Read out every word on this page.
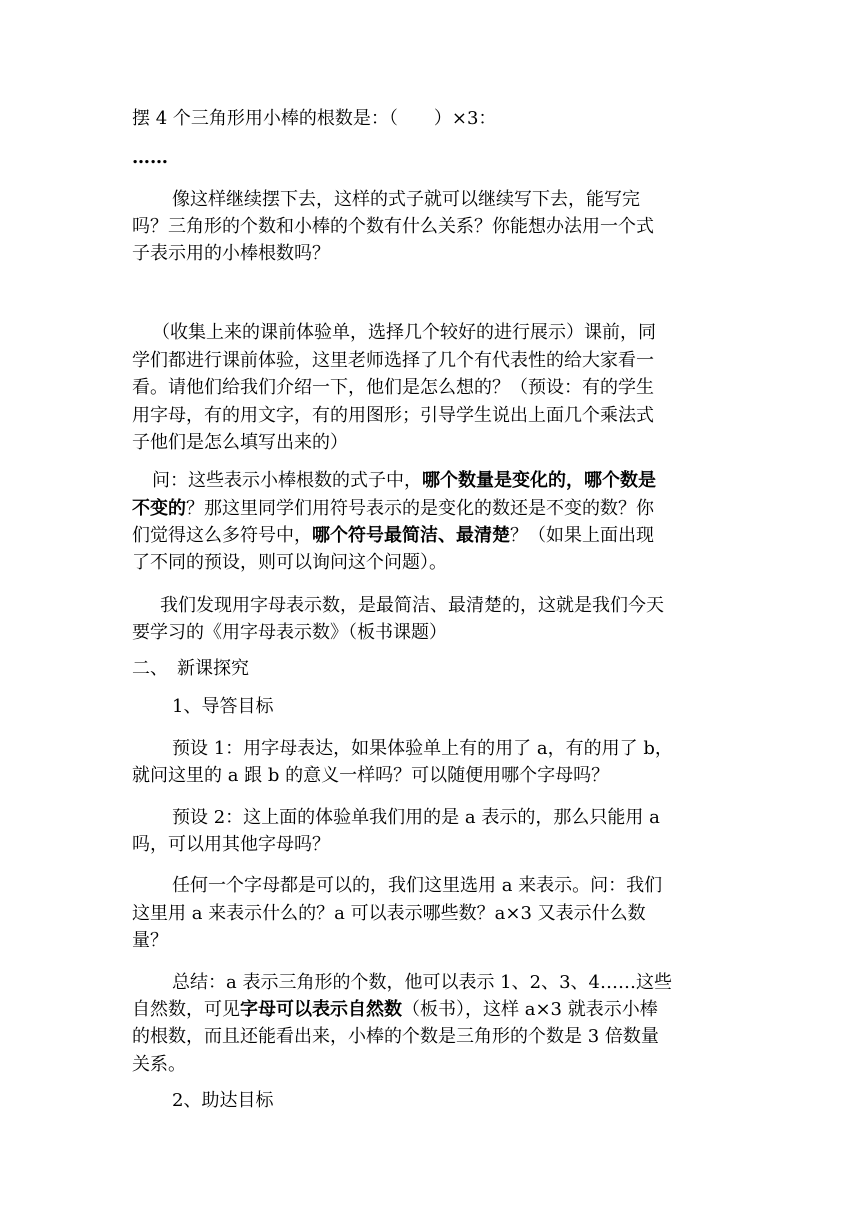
摆 4 个三角形用小棒的根数是：（　　）×3：
……
像这样继续摆下去，这样的式子就可以继续写下去，能写完
吗？三角形的个数和小棒的个数有什么关系？你能想办法用一个式
子表示用的小棒根数吗？
（收集上来的课前体验单，选择几个较好的进行展示）课前，同
学们都进行课前体验，这里老师选择了几个有代表性的给大家看一
看。请他们给我们介绍一下，他们是怎么想的？（预设：有的学生
用字母，有的用文字，有的用图形；引导学生说出上面几个乘法式
子他们是怎么填写出来的）
问：这些表示小棒根数的式子中，哪个数量是变化的，哪个数是
不变的？那这里同学们用符号表示的是变化的数还是不变的数？你
们觉得这么多符号中，哪个符号最简洁、最清楚？（如果上面出现
了不同的预设，则可以询问这个问题）。
我们发现用字母表示数，是最简洁、最清楚的，这就是我们今天
要学习的《用字母表示数》（板书课题）
二、　新课探究
1、导答目标
预设 1：用字母表达，如果体验单上有的用了 a，有的用了 b，
就问这里的 a 跟 b 的意义一样吗？可以随便用哪个字母吗？
预设 2：这上面的体验单我们用的是 a 表示的，那么只能用 a
吗，可以用其他字母吗？
任何一个字母都是可以的，我们这里选用 a 来表示。问：我们
这里用 a 来表示什么的？a 可以表示哪些数？a×3 又表示什么数
量？
总结：a 表示三角形的个数，他可以表示 1、2、3、4……这些
自然数，可见字母可以表示自然数（板书），这样 a×3 就表示小棒
的根数，而且还能看出来，小棒的个数是三角形的个数是 3 倍数量
关系。
2、助达目标
